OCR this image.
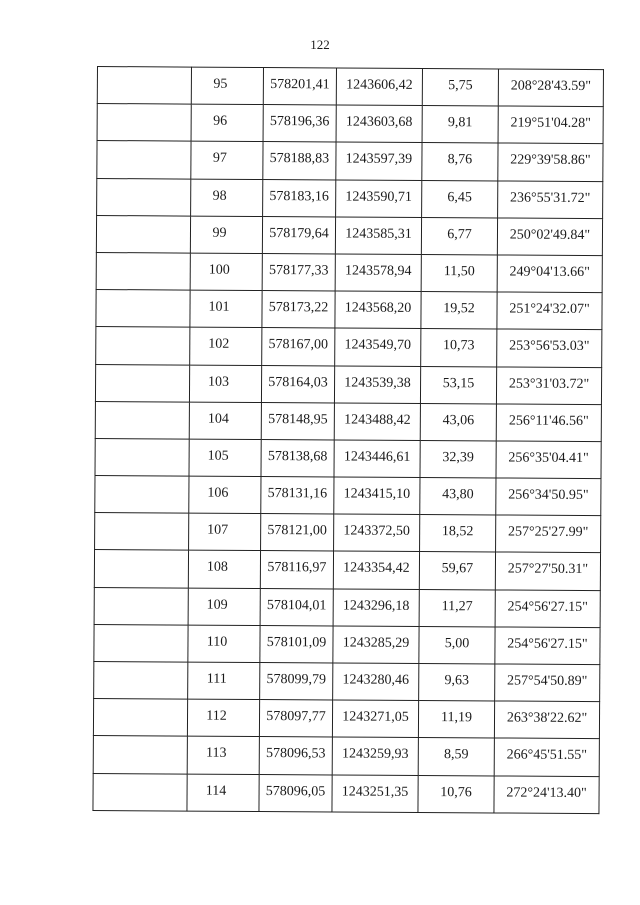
122

	95	578201,41	1243606,42	5,75	208°28'43.59"

	96	578196,36	1243603,68	9,81	219°51'04.28"

	97	578188,83	1243597,39	8,76	229°39'58.86"

	98	578183,16	1243590,71	6,45	236°55'31.72"

	99	578179,64	1243585,31	6,77	250°02'49.84"

	100	578177,33	1243578,94	11,50	249°04'13.66"

	101	578173,22	1243568,20	19,52	251°24'32.07"

	102	578167,00	1243549,70	10,73	253°56'53.03"

	103	578164,03	1243539,38	53,15	253°31'03.72"

	104	578148,95	1243488,42	43,06	256°11'46.56"

	105	578138,68	1243446,61	32,39	256°35'04.41"

	106	578131,16	1243415,10	43,80	256°34'50.95"

	107	578121,00	1243372,50	18,52	257°25'27.99"

	108	578116,97	1243354,42	59,67	257°27'50.31"

	109	578104,01	1243296,18	11,27	254°56'27.15"

	110	578101,09	1243285,29	5,00	254°56'27.15"

	111	578099,79	1243280,46	9,63	257°54'50.89"

	112	578097,77	1243271,05	11,19	263°38'22.62"

	113	578096,53	1243259,93	8,59	266°45'51.55"

	114	578096,05	1243251,35	10,76	272°24'13.40"
